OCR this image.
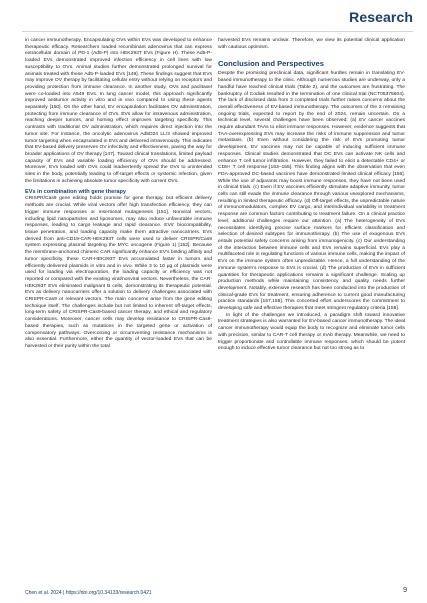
Research

in cancer immunotherapy. Encapsulating OVs within EVs was developed to enhance therapeutic efficacy. Researchers loaded recombinant adenovirus that can express extracellular domain of PD-1 (Ad5-P) into HEK293T EVs (Figure H). These Ad5-P-loaded EVs demonstrated improved infection efficiency in cell lines with low susceptibility to OVs. Animal studies further demonstrated prolonged survival for animals treated with these Ad5-P-loaded EVs [149]. These findings suggest that EVs may improve OV therapy by facilitating cellular entry without relying on receptors and providing protection from immune clearance. In another study, OVs and paclitaxel were co-loaded into A549 EVs. In lung cancer model, this approach significantly improved antitumor activity in vitro and in vivo compared to using these agents separately [150]. On the other hand, EV encapsulation facilitates OV administration, protecting from immune clearance of OVs. EVs allow for intravenous administration, reaching deeper tumors, and homing effect improves targeting specificity. This contrasts with traditional OV administration, which requires direct injection into the tumor site. For instance, the oncolytic adenovirus Ad5D24 LL/2 showed improved tumor targeting when encapsulated in EVs and delivered intravenously. This indicates that EV-based delivery preserves OV infectivity and effectiveness, paving the way for broader applications of OV therapy [147]. Toward clinical translations, limited payload capacity of EVs and variable loading efficiency of OVs should be addressed. Moreover, EVs loaded with OVs could inadvertently spread the OVs to unintended sites in the body, potentially leading to off-target effects or systemic infection, given the limitations in achieving absolute tumor specificity with current OVs.

EVs in combination with gene therapy

CRISPR/Cas9 gene editing holds promise for gene therapy, but efficient delivery methods are crucial. While viral vectors offer high transfection efficiency, they can trigger immune responses or insertional mutagenesis [151]. Nonviral vectors, including lipid nanoparticles and liposomes, may also induce unfavorable immune responses, leading to cargo leakage and rapid clearance. EVs' biocompatibility, tissue penetration, and loading capacity make them attractive nanocarriers. EVs derived from anti-CD19-CAR-HEK293T cells were used to deliver CRISPR/Cas9 system expressing plasmid targeting the MYC oncogene (Figure 1) [152]. Because the membrane-anchored chimeric CAR significantly enhance EV's binding affinity and tumor specificity, these CAR-HEK293T EVs accumulated faster in tumors and efficiently delivered plasmids in vitro and in vivo. While 3 to 10 µg of plasmids were used for loading via electroporation, the loading capacity or efficiency was not reported or compared with the existing viral/nonviral vectors. Nevertheless, the CAR-HEK293T EVs eliminated malignant B cells, demonstrating its therapeutic potential. EVs as delivery nanocarriers offer a solution to delivery challenges associated with CRISPR-Cas9 or relevant vectors. The main concerns arise from the gene editing technique itself. The challenges include but not limited to inherent off-target effects, long-term safety of CRISPR-Cas9-based cancer therapy, and ethical and regulatory considerations. Moreover, cancer cells may develop resistance to CRISPR-Cas9-based therapies, such as mutations in the targeted gene or activation of compensatory pathways. Overcoming or circumventing resistance mechanisms is also essential. Furthermore, either the quantity of vector-loaded EVs that can be harvested or their purity within the total

harvested EVs remains unclear. Therefore, we view its potential clinical application with cautious optimism.

Conclusion and Perspectives

Despite the promising preclinical data, significant hurdles remain in translating EV-based immunotherapy to the clinic. Although numerous studies are underway, only a handful have reached clinical trials (Table 2), and the outcomes are frustrating. The bankruptcy of Codiak resulted in the termination of one clinical trial (NCT05375604). The lack of disclosed data from 3 completed trials further raises concerns about the overall effectiveness of EV-based immunotherapy. The outcomes of the 2 remaining ongoing trials, expected to report by the end of 2024, remain uncertain. On a technical level, several challenges have been observed: (a) EV cancer vaccines require abundant TAAs to elicit immune responses. However, evidence suggests that TAA-overexpressing EVs may increase the risks of immune suppression and tumor metastasis. (b) Even without considering the risk of EVs promoting tumor development, EV vaccines may not be capable of inducing sufficient immune responses. Clinical studies demonstrated that DC EVs can activate NK cells and enhance T cell tumor infiltration. However, they failed to elicit a detectable CD4+ or CD8+ T cell response [153–155]. This finding aligns with the observation that even FDA-approved DC-based vaccines have demonstrated limited clinical efficacy [156]. While the use of adjuvants may boost immune responses, they have not been used in clinical trials. (c) Even if EV vaccines efficiently stimulate adaptive immunity, tumor cells can still evade the immune clearance through various unexplored mechanisms, resulting in limited therapeutic efficacy. (d) Off-target effects, the unpredictable nature of immunomodulators, complex EV cargo, and interindividual variability in treatment response are common factors contributing to treatment failure. On a clinical practice level, additional challenges require our attention. (a) The heterogeneity of EVs necessitates identifying precise surface markers for efficient classification and selection of desired subtypes for immunotherapy. (b) The use of exogenous EVs entails potential safety concerns arising from immunogenicity. (c) Our understanding of the interaction between immune cells and EVs remains superficial. EVs play a multifaceted role in regulating functions of various immune cells, making the impact of EVs on the immune system often unpredictable. Hence, a full understanding of the immune system's response to EVs is crucial. (d) The production of EVs in sufficient quantities for therapeutic applications remains a significant challenge. Scaling up production methods while maintaining consistency and quality needs further development. Notably, extensive research has been conducted into the production of clinical-grade EVs for treatment, ensuring adherence to current good manufacturing practice standards [157,158]. This concerted effort underscores the commitment to developing safe and effective therapies that meet stringent regulatory criteria [159].

In light of the challenges we introduced, a paradigm shift toward innovative treatment strategies is also warranted for EV-based cancer immunotherapy. The ideal cancer immunotherapy would equip the body to recognize and eliminate tumor cells with precision, similar to CAR-T cell therapy or mAb therapy. Meanwhile, we need to trigger proportionate and controllable immune responses, which should be potent enough to induce effective tumor clearance but not too strong as to

Chen et al. 2024 | https://doi.org/10.34133/research.0421	9
